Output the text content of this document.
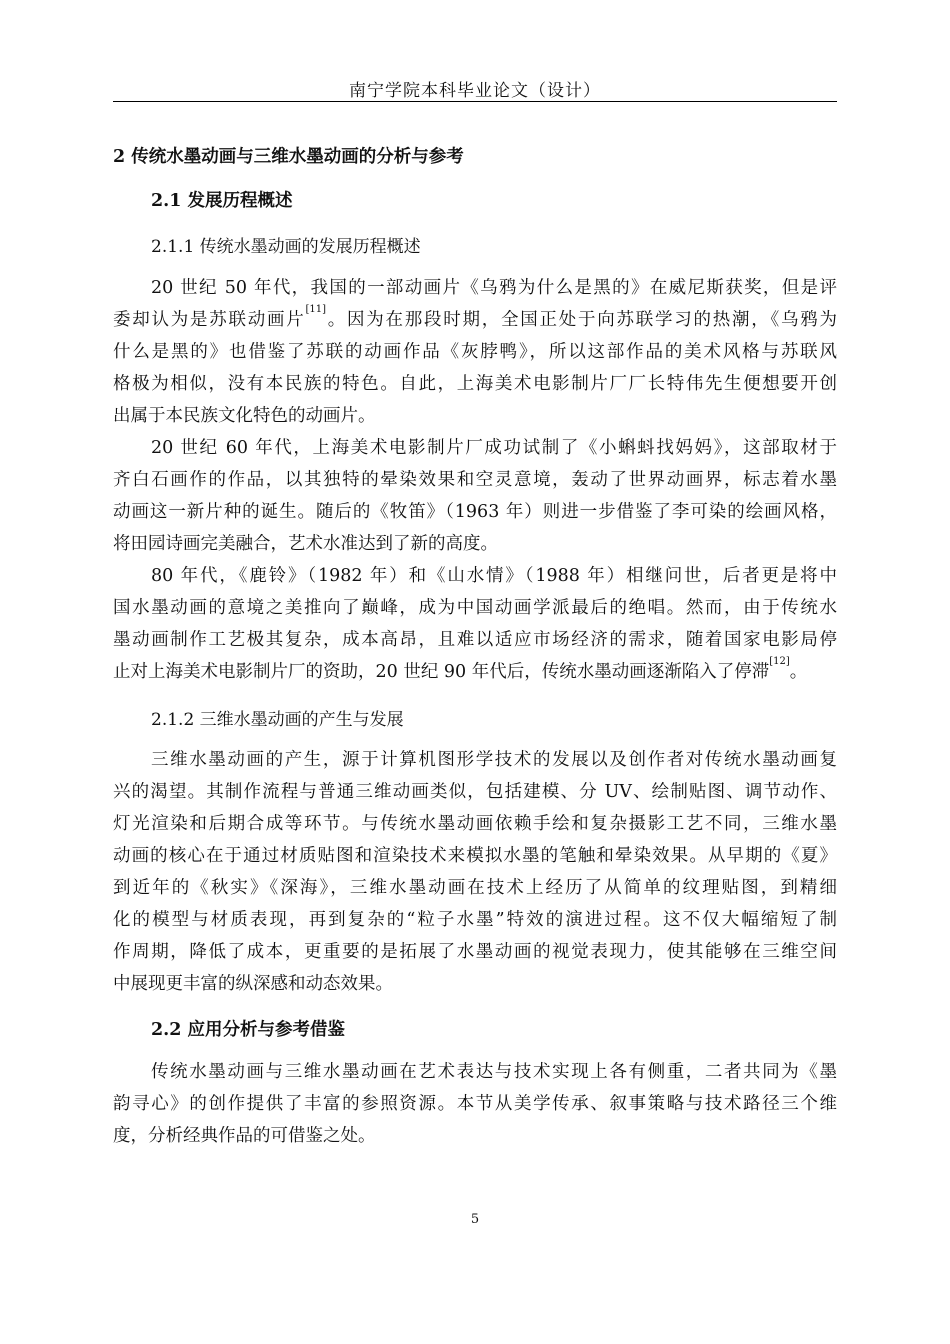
南宁学院本科毕业论文（设计）
2 传统水墨动画与三维水墨动画的分析与参考
2.1 发展历程概述
2.1.1 传统水墨动画的发展历程概述
20 世纪 50 年代，我国的一部动画片《乌鸦为什么是黑的》在威尼斯获奖，但是评
委却认为是苏联动画片[11]。因为在那段时期，全国正处于向苏联学习的热潮，《乌鸦为
什么是黑的》也借鉴了苏联的动画作品《灰脖鸭》，所以这部作品的美术风格与苏联风
格极为相似，没有本民族的特色。自此，上海美术电影制片厂厂长特伟先生便想要开创
出属于本民族文化特色的动画片。
20 世纪 60 年代，上海美术电影制片厂成功试制了《小蝌蚪找妈妈》，这部取材于
齐白石画作的作品，以其独特的晕染效果和空灵意境，轰动了世界动画界，标志着水墨
动画这一新片种的诞生。随后的《牧笛》（1963 年）则进一步借鉴了李可染的绘画风格，
将田园诗画完美融合，艺术水准达到了新的高度。
80 年代，《鹿铃》（1982 年）和《山水情》（1988 年）相继问世，后者更是将中
国水墨动画的意境之美推向了巅峰，成为中国动画学派最后的绝唱。然而，由于传统水
墨动画制作工艺极其复杂，成本高昂，且难以适应市场经济的需求，随着国家电影局停
止对上海美术电影制片厂的资助，20 世纪 90 年代后，传统水墨动画逐渐陷入了停滞[12]。
2.1.2 三维水墨动画的产生与发展
三维水墨动画的产生，源于计算机图形学技术的发展以及创作者对传统水墨动画复
兴的渴望。其制作流程与普通三维动画类似，包括建模、分 UV、绘制贴图、调节动作、
灯光渲染和后期合成等环节。与传统水墨动画依赖手绘和复杂摄影工艺不同，三维水墨
动画的核心在于通过材质贴图和渲染技术来模拟水墨的笔触和晕染效果。从早期的《夏》
到近年的《秋实》《深海》，三维水墨动画在技术上经历了从简单的纹理贴图，到精细
化的模型与材质表现，再到复杂的“粒子水墨”特效的演进过程。这不仅大幅缩短了制
作周期，降低了成本，更重要的是拓展了水墨动画的视觉表现力，使其能够在三维空间
中展现更丰富的纵深感和动态效果。
2.2 应用分析与参考借鉴
传统水墨动画与三维水墨动画在艺术表达与技术实现上各有侧重，二者共同为《墨
韵寻心》的创作提供了丰富的参照资源。本节从美学传承、叙事策略与技术路径三个维
度，分析经典作品的可借鉴之处。
5
